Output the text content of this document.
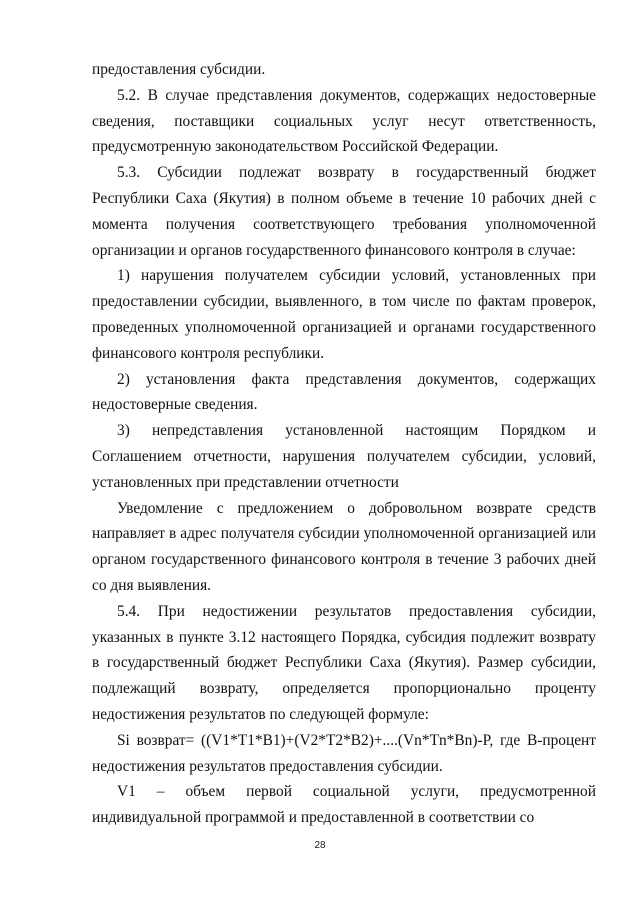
предоставления субсидии.

5.2. В случае представления документов, содержащих недостоверные сведения, поставщики социальных услуг несут ответственность, предусмотренную законодательством Российской Федерации.

5.3. Субсидии подлежат возврату в государственный бюджет Республики Саха (Якутия) в полном объеме в течение 10 рабочих дней с момента получения соответствующего требования уполномоченной организации и органов государственного финансового контроля в случае:

1) нарушения получателем субсидии условий, установленных при предоставлении субсидии, выявленного, в том числе по фактам проверок, проведенных уполномоченной организацией и органами государственного финансового контроля республики.

2) установления факта представления документов, содержащих недостоверные сведения.

3) непредставления установленной настоящим Порядком и Соглашением отчетности, нарушения получателем субсидии, условий, установленных при представлении отчетности

Уведомление с предложением о добровольном возврате средств направляет в адрес получателя субсидии уполномоченной организацией или органом государственного финансового контроля в течение 3 рабочих дней со дня выявления.

5.4. При недостижении результатов предоставления субсидии, указанных в пункте 3.12 настоящего Порядка, субсидия подлежит возврату в государственный бюджет Республики Саха (Якутия). Размер субсидии, подлежащий возврату, определяется пропорционально проценту недостижения результатов по следующей формуле:

Si возврат= ((V1*T1*B1)+(V2*T2*B2)+....(Vn*Tn*Bn)-P, где В-процент недостижения результатов предоставления субсидии.

V1 – объем первой социальной услуги, предусмотренной индивидуальной программой и предоставленной в соответствии со

28
